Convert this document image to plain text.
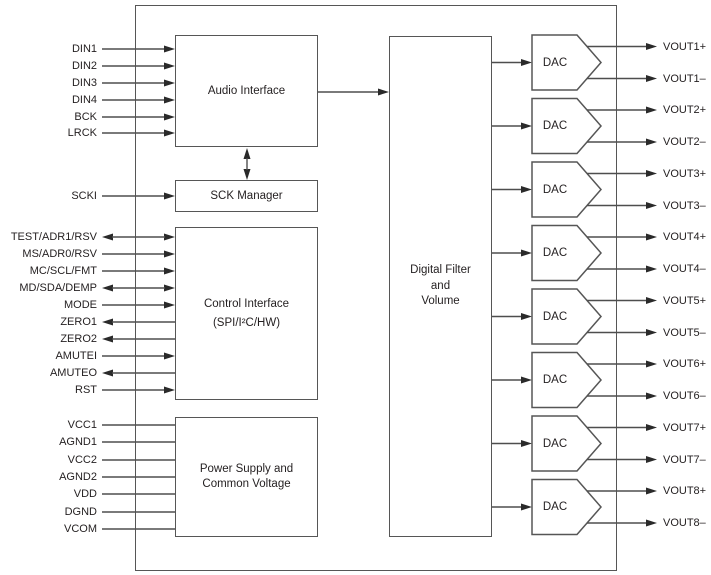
Audio Interface
SCK Manager
Control Interface
(SPI/I²C/HW)
Power Supply and
Common Voltage
Digital Filter
and
Volume
DIN1
DIN2
DIN3
DIN4
BCK
LRCK
SCKI
TEST/ADR1/RSV
MS/ADR0/RSV
MC/SCL/FMT
MD/SDA/DEMP
MODE
ZERO1
ZERO2
AMUTEI
AMUTEO
RST
VCC1
AGND1
VCC2
AGND2
VDD
DGND
VCOM
DAC
VOUT1+
VOUT1–
DAC
VOUT2+
VOUT2–
DAC
VOUT3+
VOUT3–
DAC
VOUT4+
VOUT4–
DAC
VOUT5+
VOUT5–
DAC
VOUT6+
VOUT6–
DAC
VOUT7+
VOUT7–
DAC
VOUT8+
VOUT8–
